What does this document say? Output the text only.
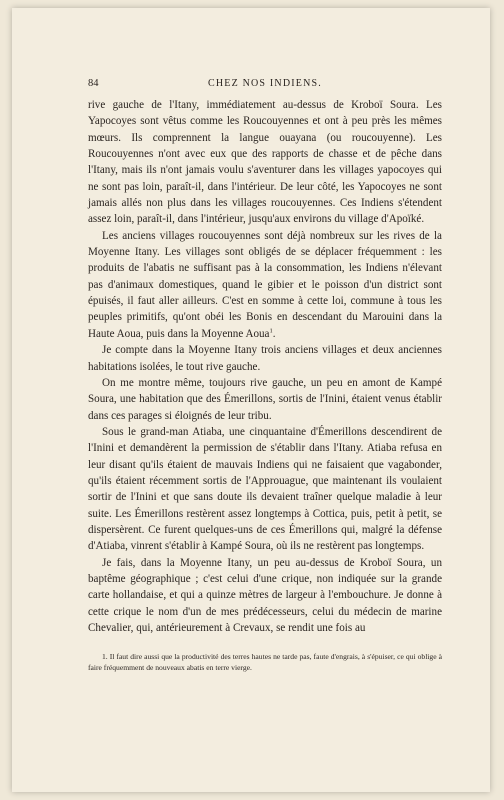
84	CHEZ NOS INDIENS.

rive gauche de l'Itany, immédiatement au-dessus de Kroboï Soura. Les Yapocoyes sont vêtus comme les Roucouyennes et ont à peu près les mêmes mœurs. Ils comprennent la langue ouayana (ou roucouyenne). Les Roucouyennes n'ont avec eux que des rapports de chasse et de pêche dans l'Itany, mais ils n'ont jamais voulu s'aventurer dans les villages yapocoyes qui ne sont pas loin, paraît-il, dans l'intérieur. De leur côté, les Yapocoyes ne sont jamais allés non plus dans les villages roucouyennes. Ces Indiens s'étendent assez loin, paraît-il, dans l'intérieur, jusqu'aux environs du village d'Apoïké.

Les anciens villages roucouyennes sont déjà nombreux sur les rives de la Moyenne Itany. Les villages sont obligés de se déplacer fréquemment : les produits de l'abatis ne suffisant pas à la consommation, les Indiens n'élevant pas d'animaux domestiques, quand le gibier et le poisson d'un district sont épuisés, il faut aller ailleurs. C'est en somme à cette loi, commune à tous les peuples primitifs, qu'ont obéi les Bonis en descendant du Marouini dans la Haute Aoua, puis dans la Moyenne Aoua$^1$.

Je compte dans la Moyenne Itany trois anciens villages et deux anciennes habitations isolées, le tout rive gauche.

On me montre même, toujours rive gauche, un peu en amont de Kampé Soura, une habitation que des Émerillons, sortis de l'Inini, étaient venus établir dans ces parages si éloignés de leur tribu.

Sous le grand-man Atiaba, une cinquantaine d'Émerillons descendirent de l'Inini et demandèrent la permission de s'établir dans l'Itany. Atiaba refusa en leur disant qu'ils étaient de mauvais Indiens qui ne faisaient que vagabonder, qu'ils étaient récemment sortis de l'Approuague, que maintenant ils voulaient sortir de l'Inini et que sans doute ils devaient traîner quelque maladie à leur suite. Les Émerillons restèrent assez longtemps à Cottica, puis, petit à petit, se dispersèrent. Ce furent quelques-uns de ces Émerillons qui, malgré la défense d'Atiaba, vinrent s'établir à Kampé Soura, où ils ne restèrent pas longtemps.

Je fais, dans la Moyenne Itany, un peu au-dessus de Kroboï Soura, un baptême géographique ; c'est celui d'une crique, non indiquée sur la grande carte hollandaise, et qui a quinze mètres de largeur à l'embouchure. Je donne à cette crique le nom d'un de mes prédécesseurs, celui du médecin de marine Chevalier, qui, antérieurement à Crevaux, se rendit une fois au

1. Il faut dire aussi que la productivité des terres hautes ne tarde pas, faute d'engrais, à s'épuiser, ce qui oblige à faire fréquemment de nouveaux abatis en terre vierge.
